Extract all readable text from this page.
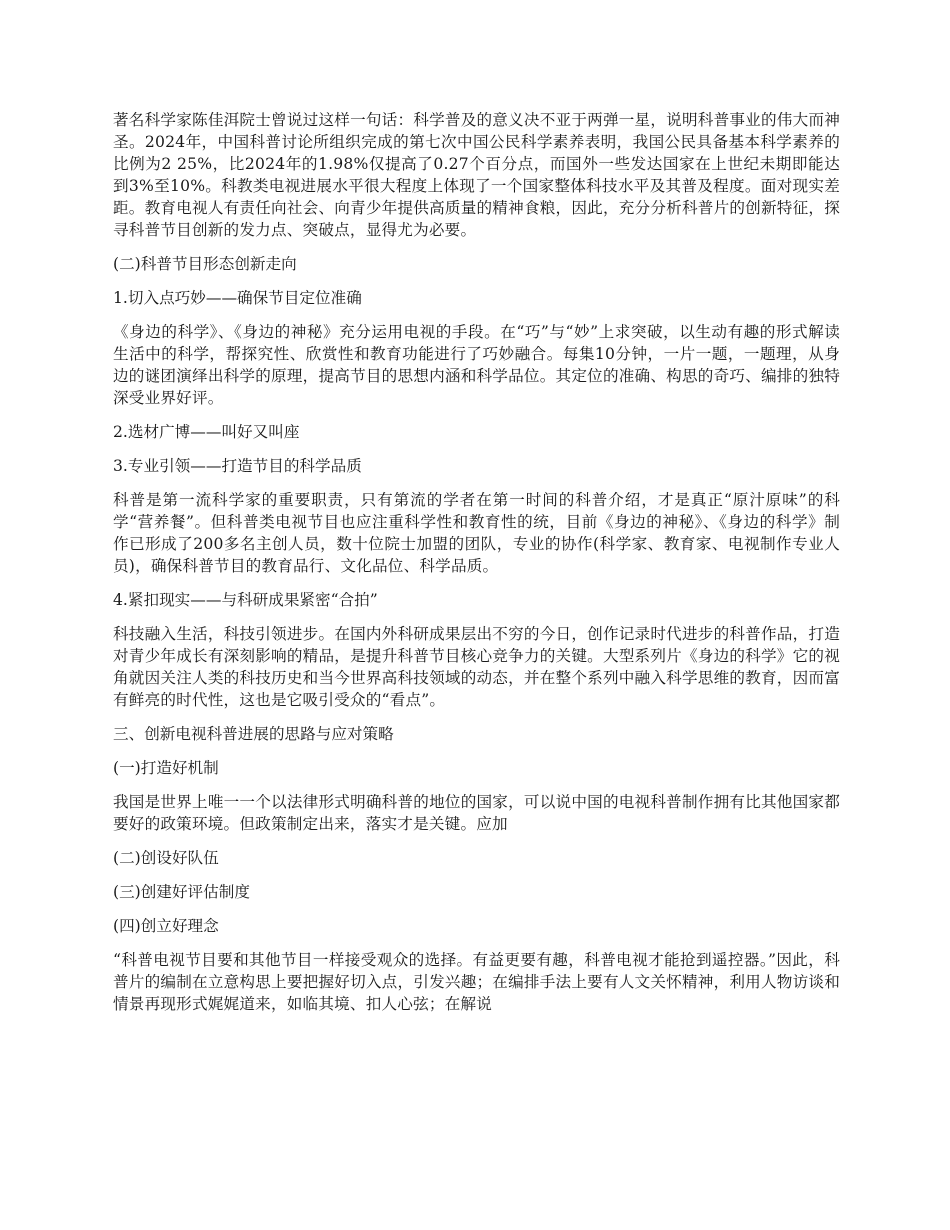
著名科学家陈佳洱院士曾说过这样一句话：科学普及的意义决不亚于两弹一星，说明科普事业的伟大而神圣。2024年，中国科普讨论所组织完成的第七次中国公民科学素养表明，我国公民具备基本科学素养的比例为2 25%，比2024年的1.98%仅提高了0.27个百分点，而国外一些发达国家在上世纪未期即能达到3%至10%。科教类电视进展水平很大程度上体现了一个国家整体科技水平及其普及程度。面对现实差距。教育电视人有责任向社会、向青少年提供高质量的精神食粮，因此，充分分析科普片的创新特征，探寻科普节目创新的发力点、突破点，显得尤为必要。

(二)科普节目形态创新走向

1.切入点巧妙——确保节目定位准确

《身边的科学》、《身边的神秘》充分运用电视的手段。在“巧”与“妙”上求突破，以生动有趣的形式解读生活中的科学，帮探究性、欣赏性和教育功能进行了巧妙融合。每集10分钟，一片一题，一题理，从身边的谜团演绎出科学的原理，提高节目的思想内涵和科学品位。其定位的准确、构思的奇巧、编排的独特深受业界好评。

2.选材广博——叫好又叫座

3.专业引领——打造节目的科学品质

科普是第一流科学家的重要职责，只有第流的学者在第一时间的科普介绍，才是真正“原汁原味”的科学“营养餐”。但科普类电视节目也应注重科学性和教育性的统，目前《身边的神秘》、《身边的科学》制作已形成了200多名主创人员，数十位院士加盟的团队，专业的协作(科学家、教育家、电视制作专业人员)，确保科普节目的教育品行、文化品位、科学品质。

4.紧扣现实——与科研成果紧密“合拍”

科技融入生活，科技引领进步。在国内外科研成果层出不穷的今日，创作记录时代进步的科普作品，打造对青少年成长有深刻影响的精品，是提升科普节目核心竞争力的关键。大型系列片《身边的科学》它的视角就因关注人类的科技历史和当今世界高科技领域的动态，并在整个系列中融入科学思维的教育，因而富有鲜亮的时代性，这也是它吸引受众的“看点”。

三、创新电视科普进展的思路与应对策略

(一)打造好机制

我国是世界上唯一一个以法律形式明确科普的地位的国家，可以说中国的电视科普制作拥有比其他国家都要好的政策环境。但政策制定出来，落实才是关键。应加

(二)创设好队伍

(三)创建好评估制度

(四)创立好理念

“科普电视节目要和其他节目一样接受观众的选择。有益更要有趣，科普电视才能抢到遥控器。”因此，科普片的编制在立意构思上要把握好切入点，引发兴趣；在编排手法上要有人文关怀精神，利用人物访谈和情景再现形式娓娓道来，如临其境、扣人心弦；在解说
